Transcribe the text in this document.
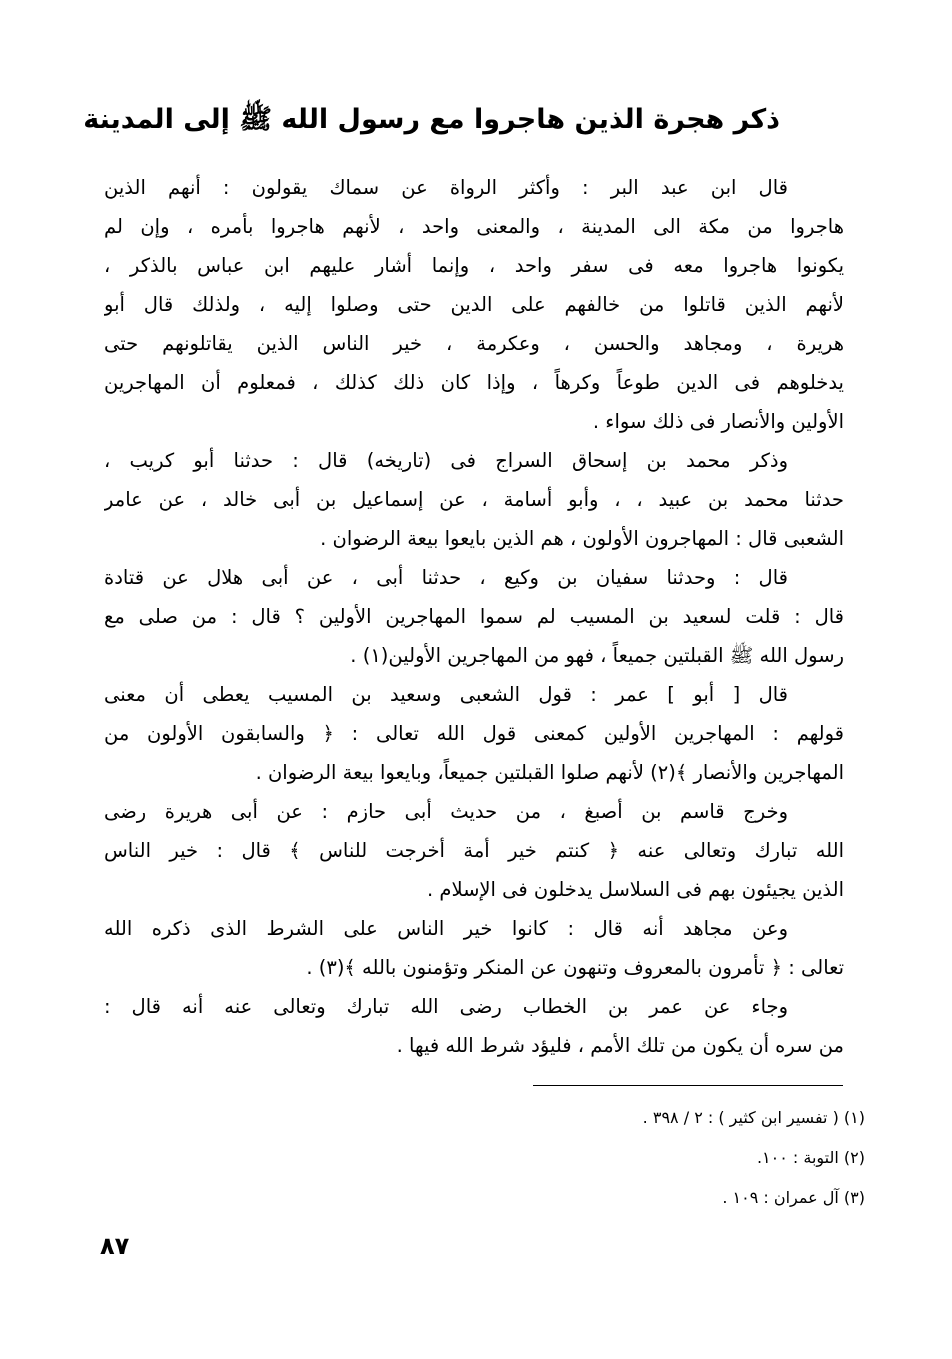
ذكر هجرة الذين هاجروا مع رسول الله ﷺ إلى المدينة
قال ابن عبد البر : وأكثر الرواة عن سماك يقولون : أنهم الذين
هاجروا من مكة الى المدينة ، والمعنى واحد ، لأنهم هاجروا بأمره ، وإن لم
يكونوا هاجروا معه فى سفر واحد ، وإنما أشار عليهم ابن عباس بالذكر ،
لأنهم الذين قاتلوا من خالفهم على الدين حتى وصلوا إليه ، ولذلك قال أبو
هريرة ، ومجاهد والحسن ، وعكرمة ، خير الناس الذين يقاتلونهم حتى
يدخلوهم فى الدين طوعاً وكرهاً ، وإذا كان ذلك كذلك ، فمعلوم أن المهاجرين
الأولين والأنصار فى ذلك سواء .
وذكر محمد بن إسحاق السراج فى (تاريخه) قال : حدثنا أبو كريب ،
حدثنا محمد بن عبيد ، ، وأبو أسامة ، عن إسماعيل بن أبى خالد ، عن عامر
الشعبى قال : المهاجرون الأولون ، هم الذين بايعوا بيعة الرضوان .
قال : وحدثنا سفيان بن وكيع ، حدثنا أبى ، عن أبى هلال عن قتادة
قال : قلت لسعيد بن المسيب لم سموا المهاجرين الأولين ؟ قال : من صلى مع
رسول الله ﷺ القبلتين جميعاً ، فهو من المهاجرين الأولين(١) .
قال [ أبو ] عمر : قول الشعبى وسعيد بن المسيب يعطى أن معنى
قولهم : المهاجرين الأولين كمعنى قول الله تعالى : ﴿ والسابقون الأولون من
المهاجرين والأنصار ﴾(٢) لأنهم صلوا القبلتين جميعاً، وبايعوا بيعة الرضوان .
وخرج قاسم بن أصبغ ، من حديث أبى حازم : عن أبى هريرة رضى
الله تبارك وتعالى عنه ﴿ كنتم خير أمة أخرجت للناس ﴾ قال : خير الناس
الذين يجيئون بهم فى السلاسل يدخلون فى الإسلام .
وعن مجاهد أنه قال : كانوا خير الناس على الشرط الذى ذكره الله
تعالى : ﴿ تأمرون بالمعروف وتنهون عن المنكر وتؤمنون بالله ﴾(٣) .
وجاء عن عمر بن الخطاب رضى الله تبارك وتعالى عنه أنه قال :
من سره أن يكون من تلك الأمم ، فليؤد شرط الله فيها .
(١) ( تفسير ابن كثير ) : ٢ / ٣٩٨ .
(٢) التوبة : ١٠٠.
(٣) آل عمران : ١٠٩ .
٨٧
